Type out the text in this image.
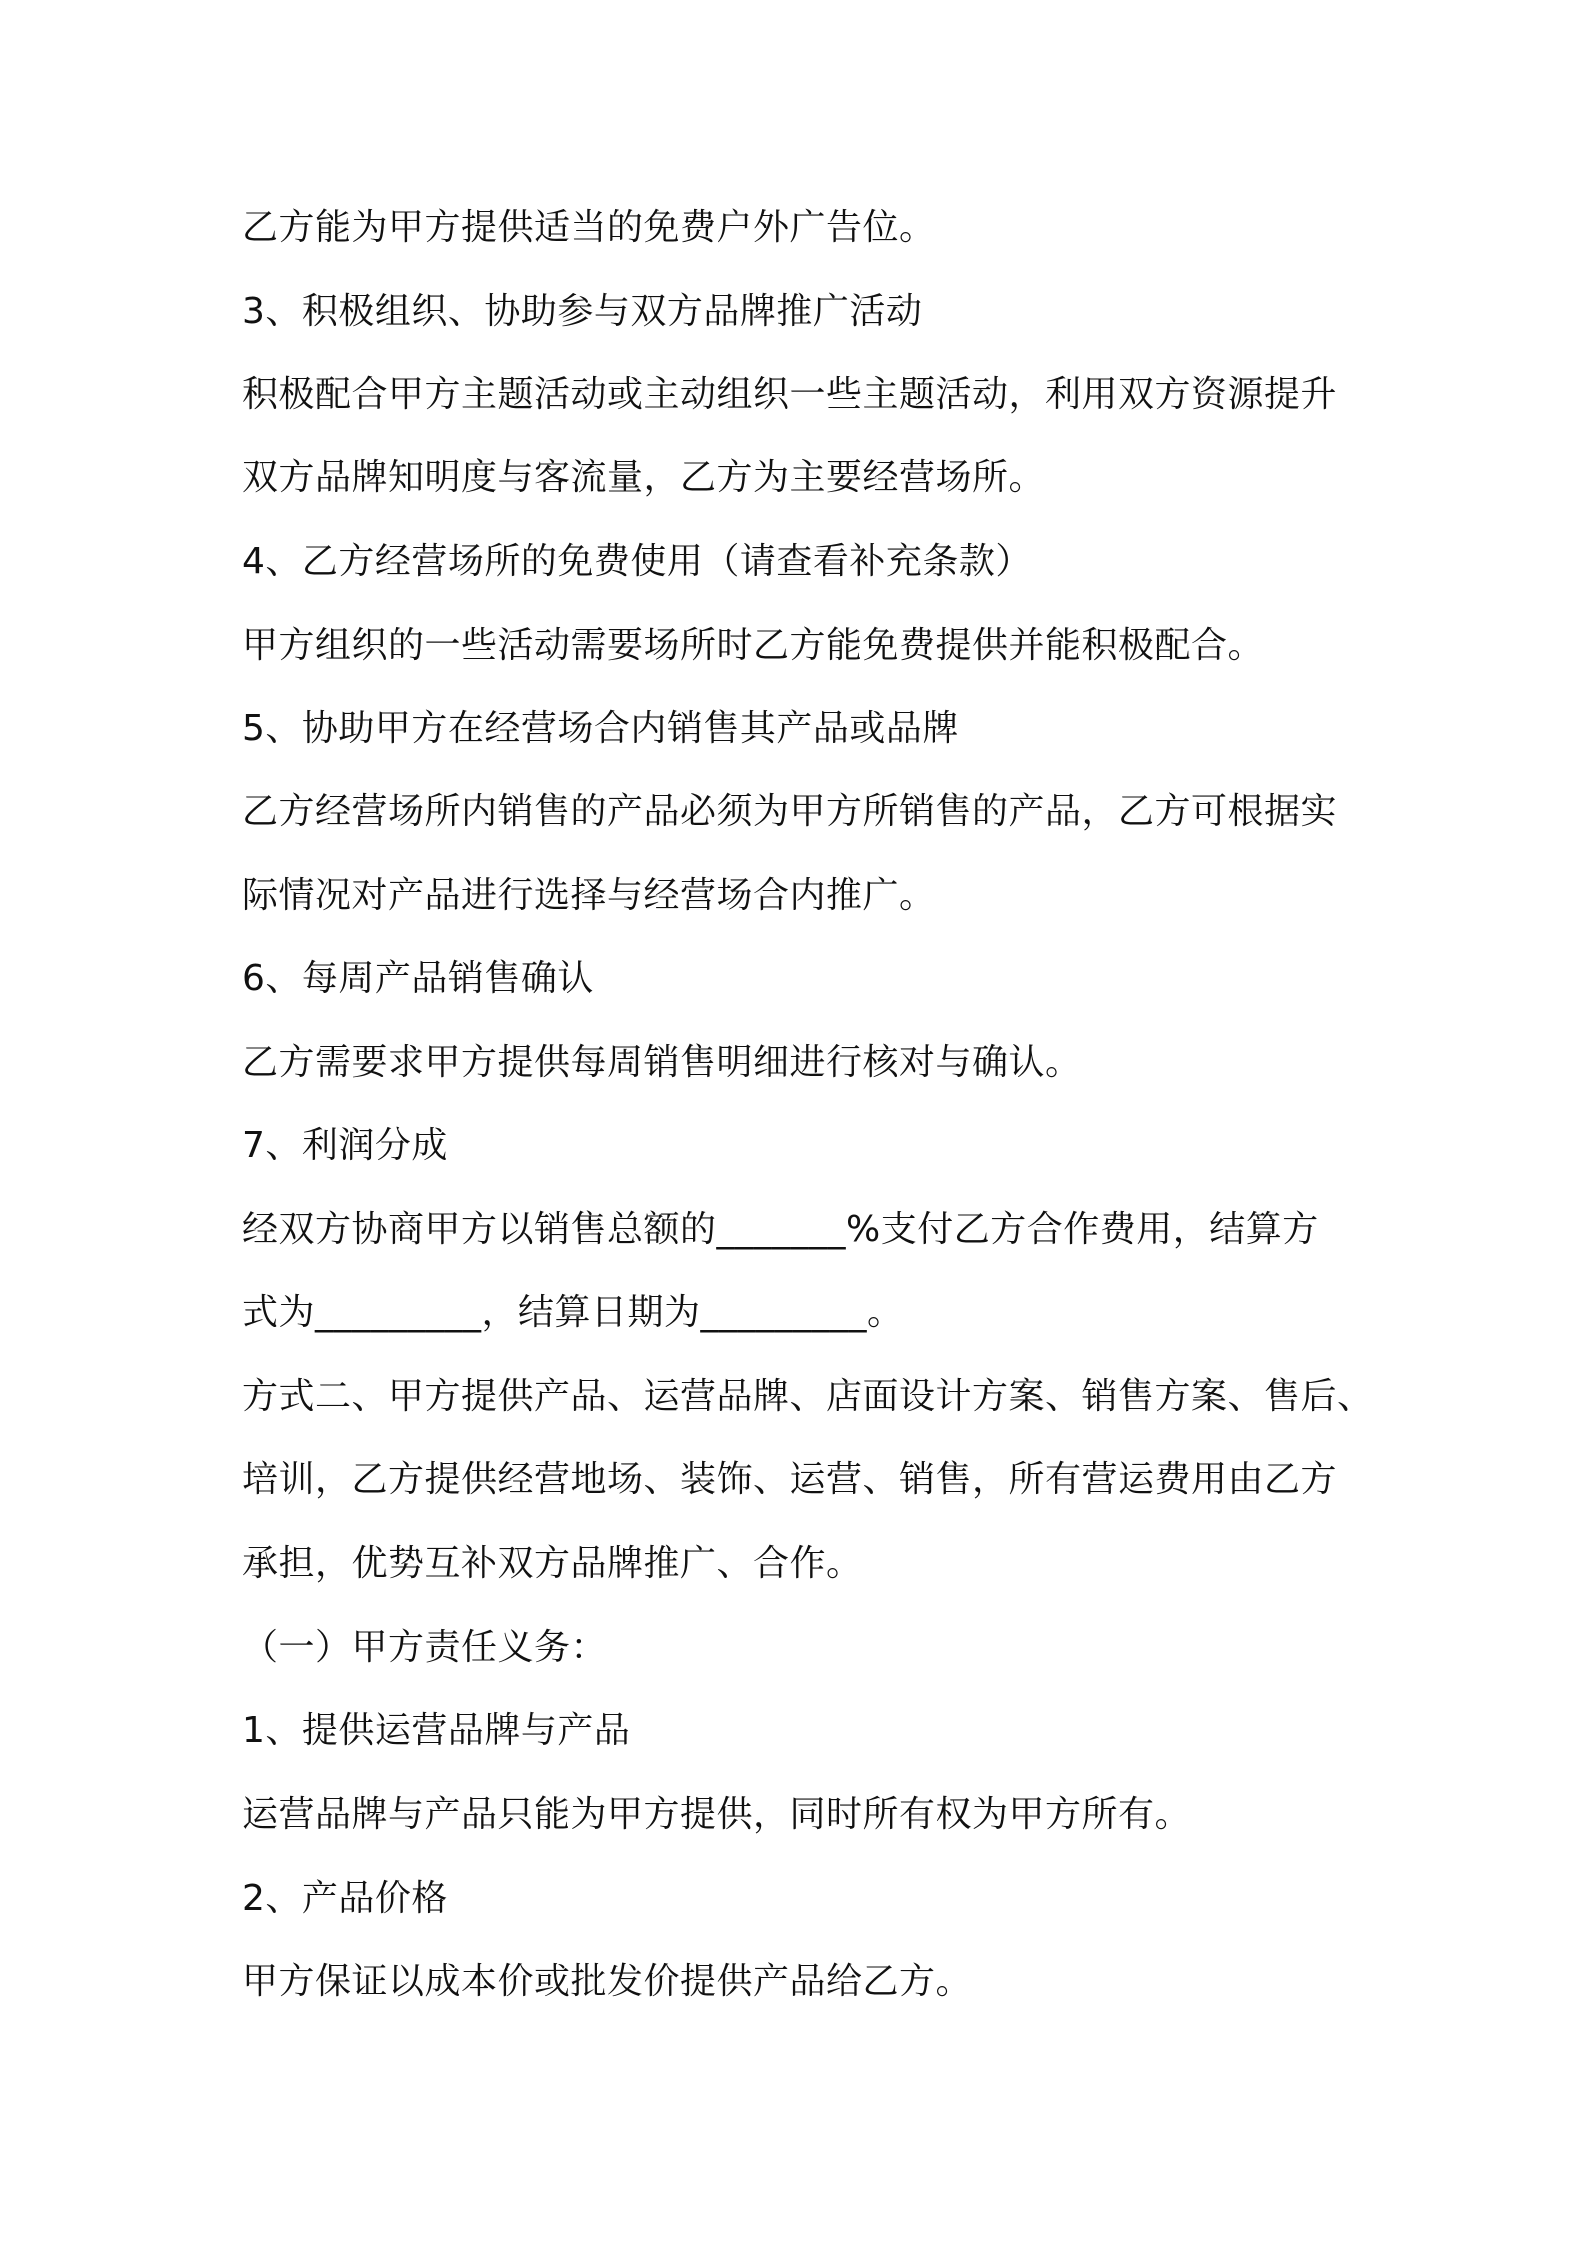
乙方能为甲方提供适当的免费户外广告位。
3、积极组织、协助参与双方品牌推广活动
积极配合甲方主题活动或主动组织一些主题活动，利用双方资源提升
双方品牌知明度与客流量，乙方为主要经营场所。
4、乙方经营场所的免费使用（请查看补充条款）
甲方组织的一些活动需要场所时乙方能免费提供并能积极配合。
5、协助甲方在经营场合内销售其产品或品牌
乙方经营场所内销售的产品必须为甲方所销售的产品，乙方可根据实
际情况对产品进行选择与经营场合内推广。
6、每周产品销售确认
乙方需要求甲方提供每周销售明细进行核对与确认。
7、利润分成
经双方协商甲方以销售总额的_______%支付乙方合作费用，结算方
式为_________，结算日期为_________。
方式二、甲方提供产品、运营品牌、店面设计方案、销售方案、售后、
培训，乙方提供经营地场、装饰、运营、销售，所有营运费用由乙方
承担，优势互补双方品牌推广、合作。
（一）甲方责任义务：
1、提供运营品牌与产品
运营品牌与产品只能为甲方提供，同时所有权为甲方所有。
2、产品价格
甲方保证以成本价或批发价提供产品给乙方。
